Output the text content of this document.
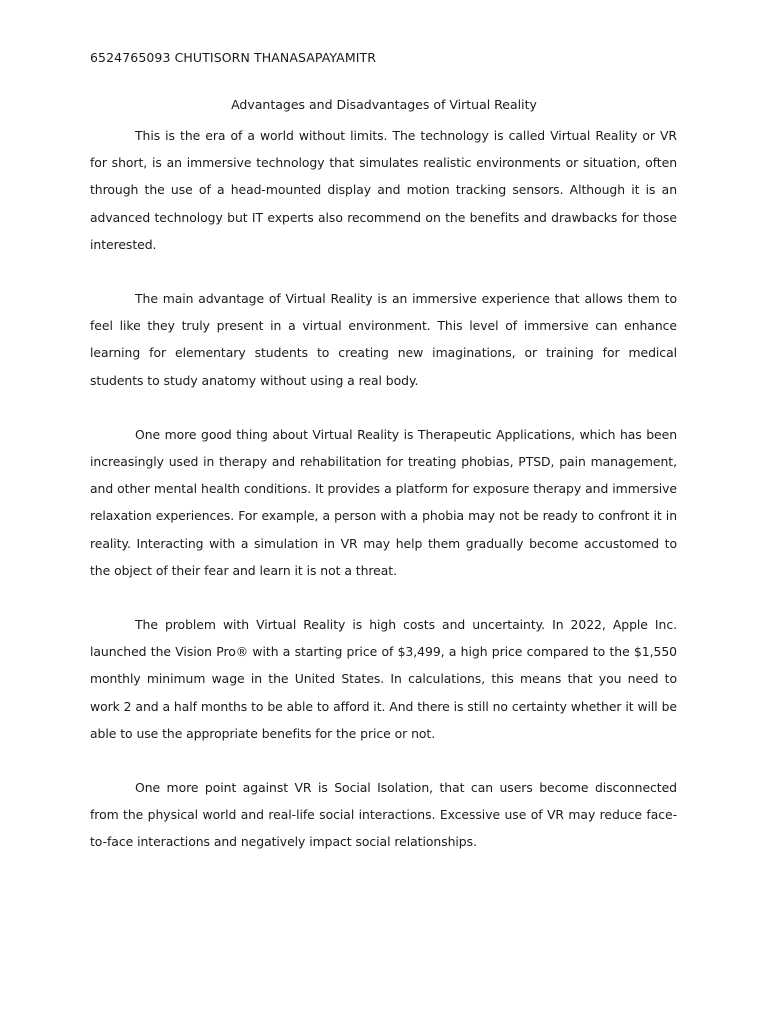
6524765093 CHUTISORN THANASAPAYAMITR
Advantages and Disadvantages of Virtual Reality

This is the era of a world without limits. The technology is called Virtual Reality or VR for short, is an immersive technology that simulates realistic environments or situation, often through the use of a head-mounted display and motion tracking sensors. Although it is an advanced technology but IT experts also recommend on the benefits and drawbacks for those interested.

The main advantage of Virtual Reality is an immersive experience that allows them to feel like they truly present in a virtual environment. This level of immersive can enhance learning for elementary students to creating new imaginations, or training for medical students to study anatomy without using a real body.

One more good thing about Virtual Reality is Therapeutic Applications, which has been increasingly used in therapy and rehabilitation for treating phobias, PTSD, pain management, and other mental health conditions. It provides a platform for exposure therapy and immersive relaxation experiences. For example, a person with a phobia may not be ready to confront it in reality. Interacting with a simulation in VR may help them gradually become accustomed to the object of their fear and learn it is not a threat.

The problem with Virtual Reality is high costs and uncertainty. In 2022, Apple Inc. launched the Vision Pro® with a starting price of $3,499, a high price compared to the $1,550 monthly minimum wage in the United States. In calculations, this means that you need to work 2 and a half months to be able to afford it. And there is still no certainty whether it will be able to use the appropriate benefits for the price or not.

One more point against VR is Social Isolation, that can users become disconnected from the physical world and real-life social interactions. Excessive use of VR may reduce face-to-face interactions and negatively impact social relationships.
